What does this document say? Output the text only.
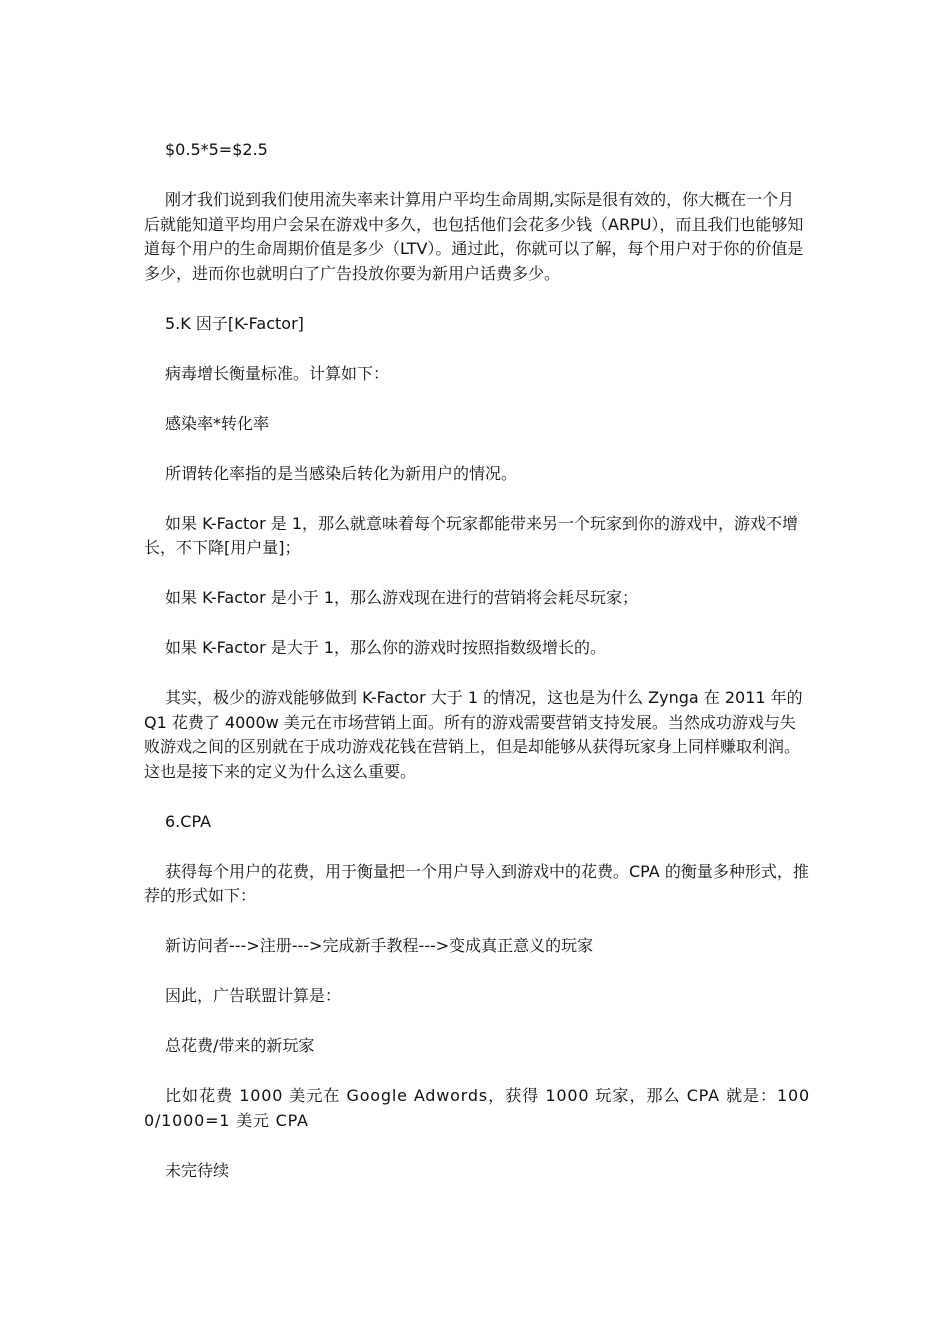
$0.5*5=$2.5

刚才我们说到我们使用流失率来计算用户平均生命周期,实际是很有效的，你大概在一个月后就能知道平均用户会呆在游戏中多久，也包括他们会花多少钱（ARPU），而且我们也能够知道每个用户的生命周期价值是多少（LTV）。通过此，你就可以了解，每个用户对于你的价值是多少，进而你也就明白了广告投放你要为新用户话费多少。

5.K 因子[K-Factor]

病毒增长衡量标准。计算如下：

感染率*转化率

所谓转化率指的是当感染后转化为新用户的情况。

如果 K-Factor 是 1，那么就意味着每个玩家都能带来另一个玩家到你的游戏中，游戏不增长，不下降[用户量]；

如果 K-Factor 是小于 1，那么游戏现在进行的营销将会耗尽玩家；

如果 K-Factor 是大于 1，那么你的游戏时按照指数级增长的。

其实，极少的游戏能够做到 K-Factor 大于 1 的情况，这也是为什么 Zynga 在 2011 年的 Q1 花费了 4000w 美元在市场营销上面。所有的游戏需要营销支持发展。当然成功游戏与失败游戏之间的区别就在于成功游戏花钱在营销上，但是却能够从获得玩家身上同样赚取利润。这也是接下来的定义为什么这么重要。

6.CPA

获得每个用户的花费，用于衡量把一个用户导入到游戏中的花费。CPA 的衡量多种形式，推荐的形式如下：

新访问者--->注册--->完成新手教程--->变成真正意义的玩家

因此，广告联盟计算是：

总花费/带来的新玩家

比如花费 1000 美元在 Google Adwords，获得 1000 玩家，那么 CPA 就是：1000/1000=1 美元 CPA

未完待续
